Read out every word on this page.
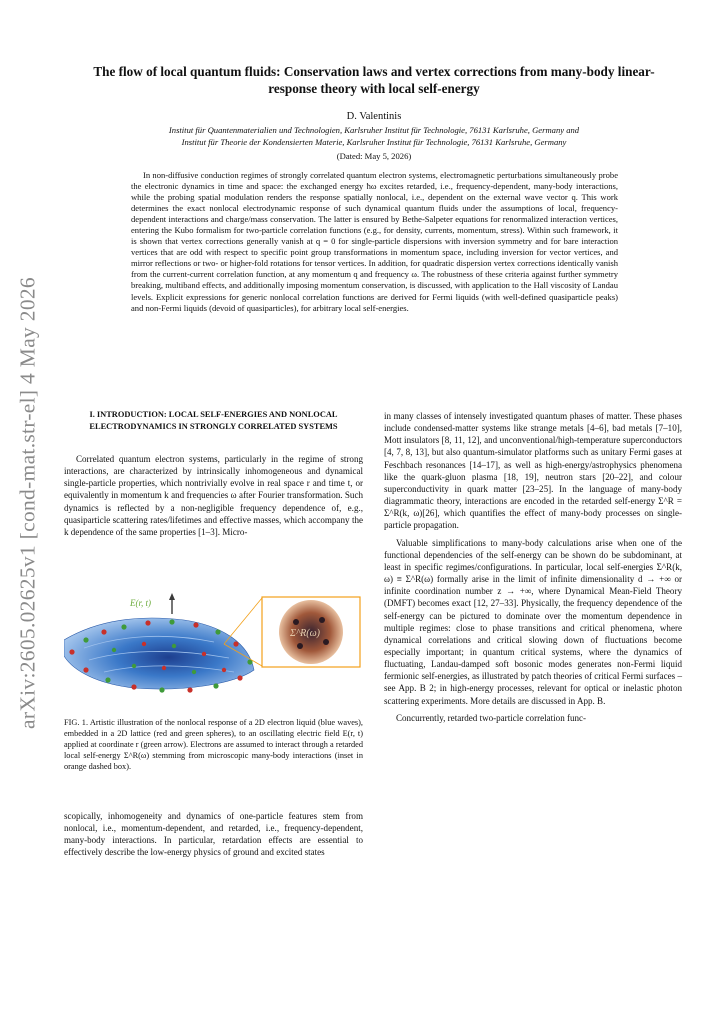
arXiv:2605.02625v1 [cond-mat.str-el] 4 May 2026
The flow of local quantum fluids: Conservation laws and vertex corrections from many-body linear-response theory with local self-energy
D. Valentinis
Institut für Quantenmaterialien und Technologien, Karlsruher Institut für Technologie, 76131 Karlsruhe, Germany and
Institut für Theorie der Kondensierten Materie, Karlsruher Institut für Technologie, 76131 Karlsruhe, Germany
(Dated: May 5, 2026)
In non-diffusive conduction regimes of strongly correlated quantum electron systems, electromagnetic perturbations simultaneously probe the electronic dynamics in time and space: the exchanged energy ħω excites retarded, i.e., frequency-dependent, many-body interactions, while the probing spatial modulation renders the response spatially nonlocal, i.e., dependent on the external wave vector q. This work determines the exact nonlocal electrodynamic response of such dynamical quantum fluids under the assumptions of local, frequency-dependent interactions and charge/mass conservation. The latter is ensured by Bethe-Salpeter equations for renormalized interaction vertices, entering the Kubo formalism for two-particle correlation functions (e.g., for density, currents, momentum, stress). Within such framework, it is shown that vertex corrections generally vanish at q = 0 for single-particle dispersions with inversion symmetry and for bare interaction vertices that are odd with respect to specific point group transformations in momentum space, including inversion for vector vertices, and mirror reflections or two- or higher-fold rotations for tensor vertices. In addition, for quadratic dispersion vertex corrections identically vanish from the current-current correlation function, at any momentum q and frequency ω. The robustness of these criteria against further symmetry breaking, multiband effects, and additionally imposing momentum conservation, is discussed, with application to the Hall viscosity of Landau levels. Explicit expressions for generic nonlocal correlation functions are derived for Fermi liquids (with well-defined quasiparticle peaks) and non-Fermi liquids (devoid of quasiparticles), for arbitrary local self-energies.
I. INTRODUCTION: LOCAL SELF-ENERGIES AND NONLOCAL ELECTRODYNAMICS IN STRONGLY CORRELATED SYSTEMS

Correlated quantum electron systems, particularly in the regime of strong interactions, are characterized by intrinsically inhomogeneous and dynamical single-particle properties, which nontrivially evolve in real space r and time t, or equivalently in momentum k and frequencies ω after Fourier transformation. Such dynamics is reflected by a non-negligible frequency dependence of, e.g., quasiparticle scattering rates/lifetimes and effective masses, which accompany the k dependence of the same properties [1–3]. Micro-

E(r, t)
Σ^R(ω)
FIG. 1. Artistic illustration of the nonlocal response of a 2D electron liquid (blue waves), embedded in a 2D lattice (red and green spheres), to an oscillating electric field E(r, t) applied at coordinate r (green arrow). Electrons are assumed to interact through a retarded local self-energy Σ^R(ω) stemming from microscopic many-body interactions (inset in orange dashed box).

scopically, inhomogeneity and dynamics of one-particle features stem from nonlocal, i.e., momentum-dependent, and retarded, i.e., frequency-dependent, many-body interactions. In particular, retardation effects are essential to effectively describe the low-energy physics of ground and excited states

in many classes of intensely investigated quantum phases of matter. These phases include condensed-matter systems like strange metals [4–6], bad metals [7–10], Mott insulators [8, 11, 12], and unconventional/high-temperature superconductors [4, 7, 8, 13], but also quantum-simulator platforms such as unitary Fermi gases at Feschbach resonances [14–17], as well as high-energy/astrophysics phenomena like the quark-gluon plasma [18, 19], neutron stars [20–22], and colour superconductivity in quark matter [23–25]. In the language of many-body diagrammatic theory, interactions are encoded in the retarded self-energy Σ^R = Σ^R(k, ω)[26], which quantifies the effect of many-body processes on single-particle propagation.

Valuable simplifications to many-body calculations arise when one of the functional dependencies of the self-energy can be shown do be subdominant, at least in specific regimes/configurations. In particular, local self-energies Σ^R(k, ω) ≡ Σ^R(ω) formally arise in the limit of infinite dimensionality d → +∞ or infinite coordination number z → +∞, where Dynamical Mean-Field Theory (DMFT) becomes exact [12, 27–33]. Physically, the frequency dependence of the self-energy can be pictured to dominate over the momentum dependence in multiple regimes: close to phase transitions and critical phenomena, where dynamical correlations and critical slowing down of fluctuations become especially important; in quantum critical systems, where the dynamics of fluctuating, Landau-damped soft bosonic modes generates non-Fermi liquid fermionic self-energies, as illustrated by patch theories of critical Fermi surfaces – see App. B 2; in high-energy processes, relevant for optical or inelastic photon scattering experiments. More details are discussed in App. B.

Concurrently, retarded two-particle correlation func-
